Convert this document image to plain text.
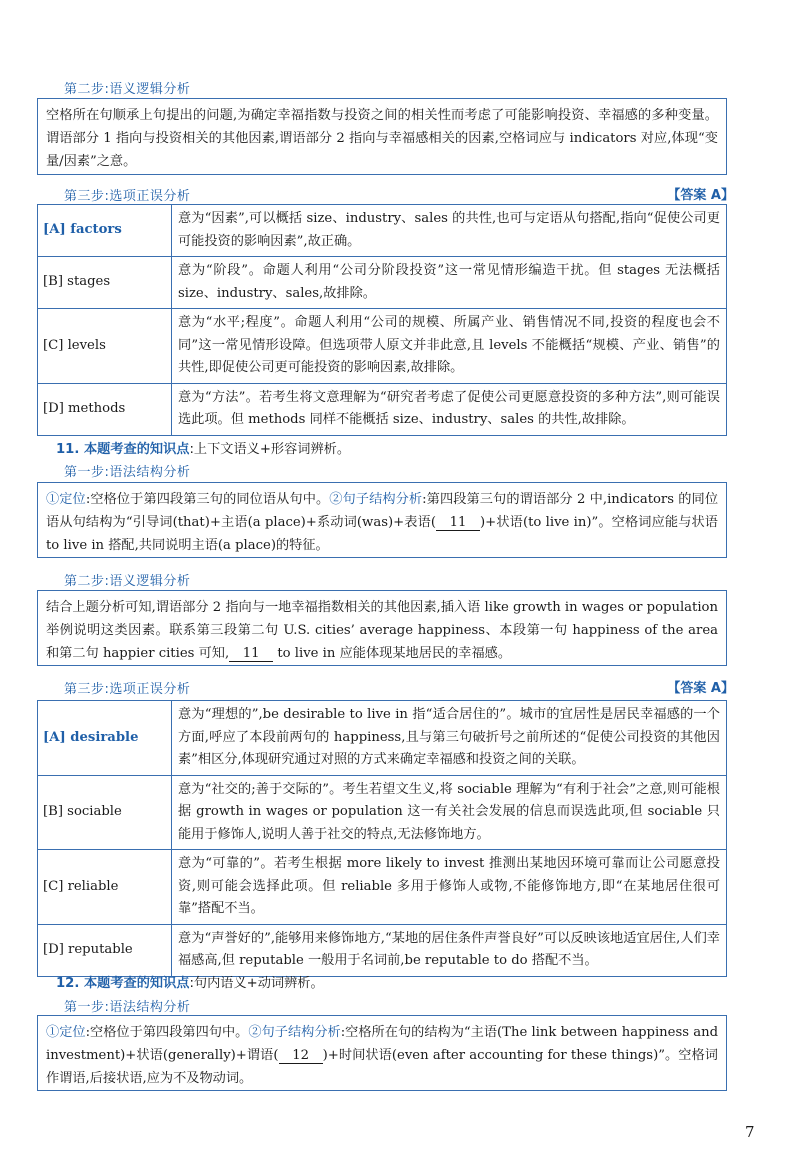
第二步:语义逻辑分析

空格所在句顺承上句提出的问题,为确定幸福指数与投资之间的相关性而考虑了可能影响投资、幸福感的多种变量。谓语部分 1 指向与投资相关的其他因素,谓语部分 2 指向与幸福感相关的因素,空格词应与 indicators 对应,体现“变量/因素”之意。

第三步:选项正误分析	【答案 A】
[A] factors	意为“因素”,可以概括 size、industry、sales 的共性,也可与定语从句搭配,指向“促使公司更可能投资的影响因素”,故正确。
[B] stages	意为“阶段”。命题人利用“公司分阶段投资”这一常见情形编造干扰。但 stages 无法概括 size、industry、sales,故排除。
[C] levels	意为“水平;程度”。命题人利用“公司的规模、所属产业、销售情况不同,投资的程度也会不同”这一常见情形设障。但选项带人原文并非此意,且 levels 不能概括“规模、产业、销售”的共性,即促使公司更可能投资的影响因素,故排除。
[D] methods	意为“方法”。若考生将文意理解为“研究者考虑了促使公司更愿意投资的多种方法”,则可能误选此项。但 methods 同样不能概括 size、industry、sales 的共性,故排除。
11. 本题考查的知识点:上下文语义+形容词辨析。
第一步:语法结构分析

①定位:空格位于第四段第三句的同位语从句中。②句子结构分析:第四段第三句的谓语部分 2 中,indicators 的同位语从句结构为“引导词(that)+主语(a place)+系动词(was)+表语( 11 )+状语(to live in)”。空格词应能与状语 to live in 搭配,共同说明主语(a place)的特征。

第二步:语义逻辑分析

结合上题分析可知,谓语部分 2 指向与一地幸福指数相关的其他因素,插入语 like growth in wages or population 举例说明这类因素。联系第三段第二句 U.S. cities’ average happiness、本段第一句 happiness of the area 和第二句 happier cities 可知, 11 to live in 应能体现某地居民的幸福感。

第三步:选项正误分析	【答案 A】
[A] desirable	意为“理想的”,be desirable to live in 指“适合居住的”。城市的宜居性是居民幸福感的一个方面,呼应了本段前两句的 happiness,且与第三句破折号之前所述的“促使公司投资的其他因素”相区分,体现研究通过对照的方式来确定幸福感和投资之间的关联。
[B] sociable	意为“社交的;善于交际的”。考生若望文生义,将 sociable 理解为“有利于社会”之意,则可能根据 growth in wages or population 这一有关社会发展的信息而误选此项,但 sociable 只能用于修饰人,说明人善于社交的特点,无法修饰地方。
[C] reliable	意为“可靠的”。若考生根据 more likely to invest 推测出某地因环境可靠而让公司愿意投资,则可能会选择此项。但 reliable 多用于修饰人或物,不能修饰地方,即“在某地居住很可靠”搭配不当。
[D] reputable	意为“声誉好的”,能够用来修饰地方,“某地的居住条件声誉良好”可以反映该地适宜居住,人们幸福感高,但 reputable 一般用于名词前,be reputable to do 搭配不当。
12. 本题考查的知识点:句内语义+动词辨析。
第一步:语法结构分析

①定位:空格位于第四段第四句中。②句子结构分析:空格所在句的结构为“主语(The link between happiness and investment)+状语(generally)+谓语( 12 )+时间状语(even after accounting for these things)”。空格词作谓语,后接状语,应为不及物动词。

7
